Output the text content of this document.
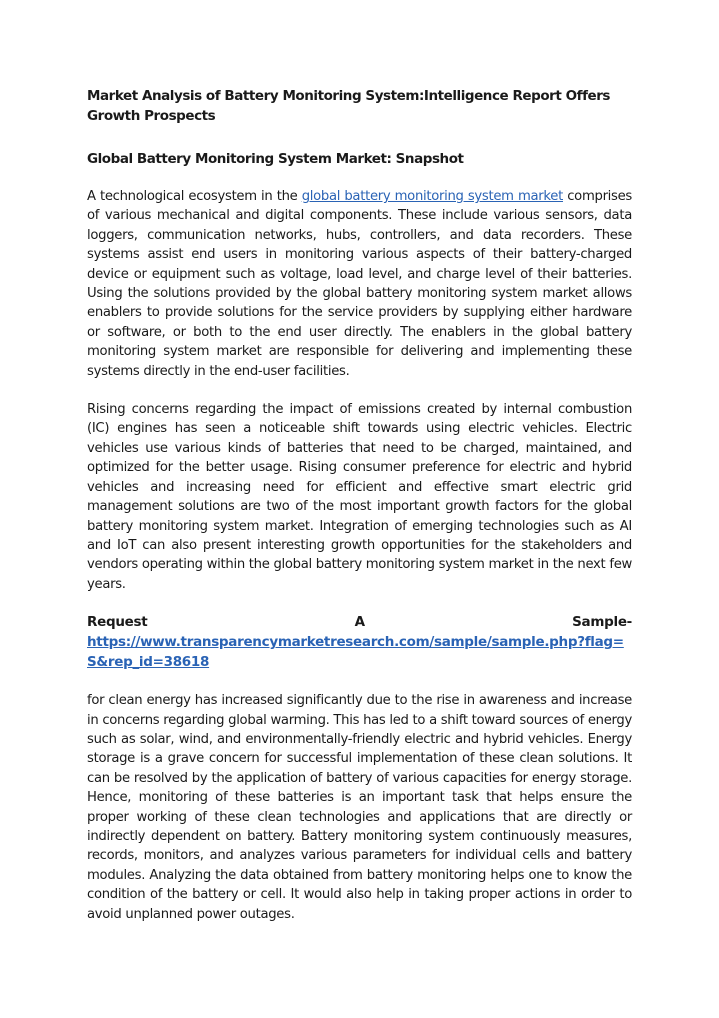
Market Analysis of Battery Monitoring System:Intelligence Report Offers Growth Prospects
Global Battery Monitoring System Market: Snapshot

A technological ecosystem in the global battery monitoring system market comprises of various mechanical and digital components. These include various sensors, data loggers, communication networks, hubs, controllers, and data recorders. These systems assist end users in monitoring various aspects of their battery-charged device or equipment such as voltage, load level, and charge level of their batteries. Using the solutions provided by the global battery monitoring system market allows enablers to provide solutions for the service providers by supplying either hardware or software, or both to the end user directly. The enablers in the global battery monitoring system market are responsible for delivering and implementing these systems directly in the end-user facilities.

Rising concerns regarding the impact of emissions created by internal combustion (IC) engines has seen a noticeable shift towards using electric vehicles. Electric vehicles use various kinds of batteries that need to be charged, maintained, and optimized for the better usage. Rising consumer preference for electric and hybrid vehicles and increasing need for efficient and effective smart electric grid management solutions are two of the most important growth factors for the global battery monitoring system market. Integration of emerging technologies such as AI and IoT can also present interesting growth opportunities for the stakeholders and vendors operating within the global battery monitoring system market in the next few years.

Request	A	Sample-
https://www.transparencymarketresearch.com/sample/sample.php?flag=S&rep_id=38618

for clean energy has increased significantly due to the rise in awareness and increase in concerns regarding global warming. This has led to a shift toward sources of energy such as solar, wind, and environmentally-friendly electric and hybrid vehicles. Energy storage is a grave concern for successful implementation of these clean solutions. It can be resolved by the application of battery of various capacities for energy storage. Hence, monitoring of these batteries is an important task that helps ensure the proper working of these clean technologies and applications that are directly or indirectly dependent on battery. Battery monitoring system continuously measures, records, monitors, and analyzes various parameters for individual cells and battery modules. Analyzing the data obtained from battery monitoring helps one to know the condition of the battery or cell. It would also help in taking proper actions in order to avoid unplanned power outages.
